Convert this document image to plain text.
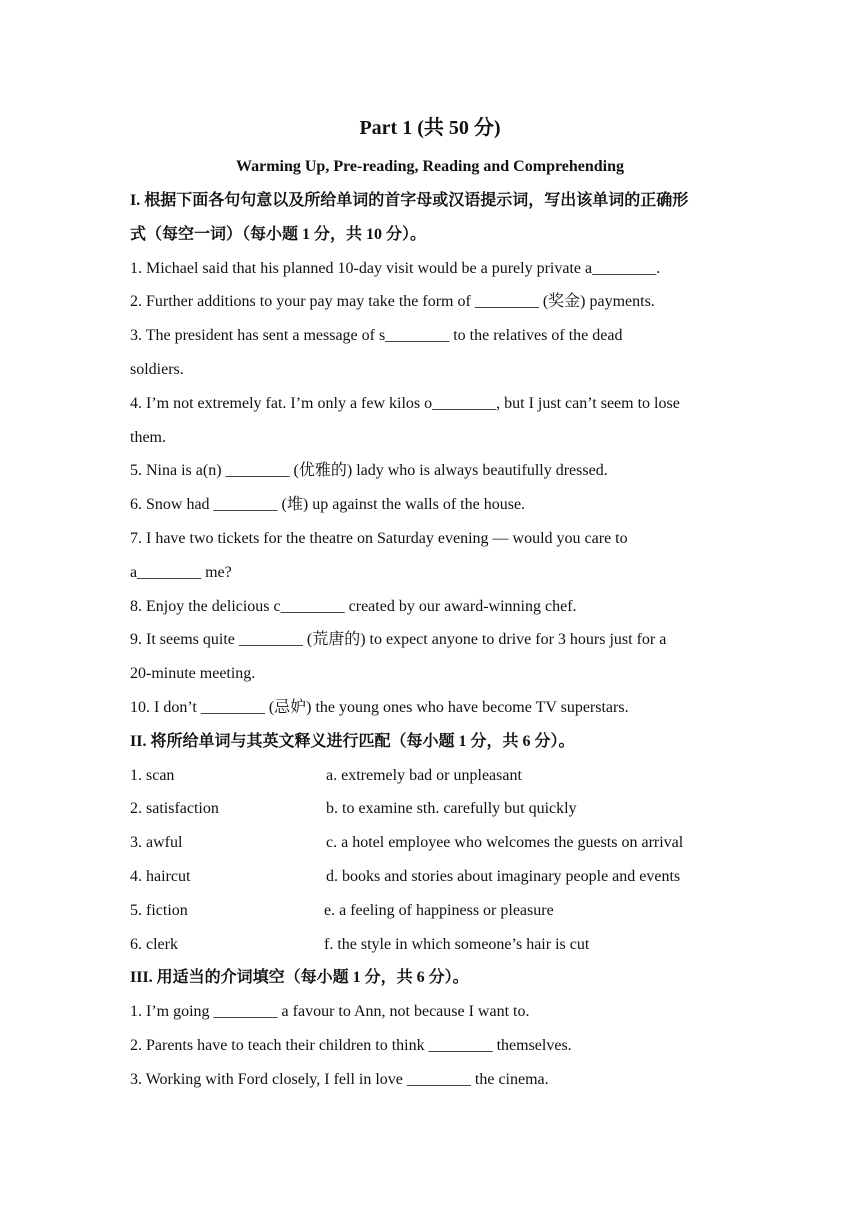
Part 1 (共 50 分)
Warming Up, Pre-reading, Reading and Comprehending
I. 根据下面各句句意以及所给单词的首字母或汉语提示词，写出该单词的正确形
式（每空一词）（每小题 1 分，共 10 分）。
1. Michael said that his planned 10-day visit would be a purely private a________.
2. Further additions to your pay may take the form of ________ (奖金) payments.
3. The president has sent a message of s________ to the relatives of the dead
soldiers.
4. I’m not extremely fat. I’m only a few kilos o________, but I just can’t seem to lose
them.
5. Nina is a(n) ________ (优雅的) lady who is always beautifully dressed.
6. Snow had ________ (堆) up against the walls of the house.
7. I have two tickets for the theatre on Saturday evening — would you care to
a________ me?
8. Enjoy the delicious c________ created by our award-winning chef.
9. It seems quite ________ (荒唐的) to expect anyone to drive for 3 hours just for a
20-minute meeting.
10. I don’t ________ (忌妒) the young ones who have become TV superstars.
II. 将所给单词与其英文释义进行匹配（每小题 1 分，共 6 分）。
1. scan	a. extremely bad or unpleasant
2. satisfaction	b. to examine sth. carefully but quickly
3. awful	c. a hotel employee who welcomes the guests on arrival
4. haircut	d. books and stories about imaginary people and events
5. fiction	e. a feeling of happiness or pleasure
6. clerk	f. the style in which someone’s hair is cut
III. 用适当的介词填空（每小题 1 分，共 6 分）。
1. I’m going ________ a favour to Ann, not because I want to.
2. Parents have to teach their children to think ________ themselves.
3. Working with Ford closely, I fell in love ________ the cinema.
